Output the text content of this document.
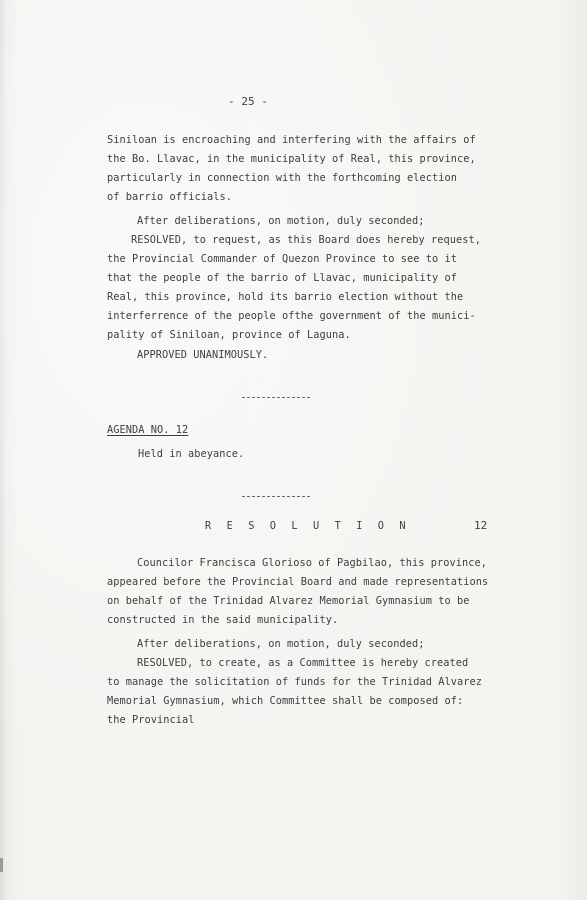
- 25 -
Siniloan is encroaching and interfering with the affairs of
the Bo. Llavac, in the municipality of Real, this province,
particularly in connection with the forthcoming election
of barrio officials.
After deliberations, on motion, duly seconded;
RESOLVED, to request, as this Board does hereby request,
the Provincial Commander of Quezon Province to see to it
that the people of the barrio of Llavac, municipality of
Real, this province, hold its barrio election without the
interferrence of the people ofthe government of the munici-
pality of Siniloan, province of Laguna.
APPROVED UNANIMOUSLY.
AGENDA NO. 12
Held in abeyance.
R E S O L U T I O N	12
Councilor Francisca Glorioso of Pagbilao, this province,
appeared before the Provincial Board and made representations
on behalf of the Trinidad Alvarez Memorial Gymnasium to be
constructed in the said municipality.
After deliberations, on motion, duly seconded;
RESOLVED, to create, as a Committee is hereby created
to manage the solicitation of funds for the Trinidad Alvarez
Memorial Gymnasium, which Committee shall be composed of:
the Provincial
